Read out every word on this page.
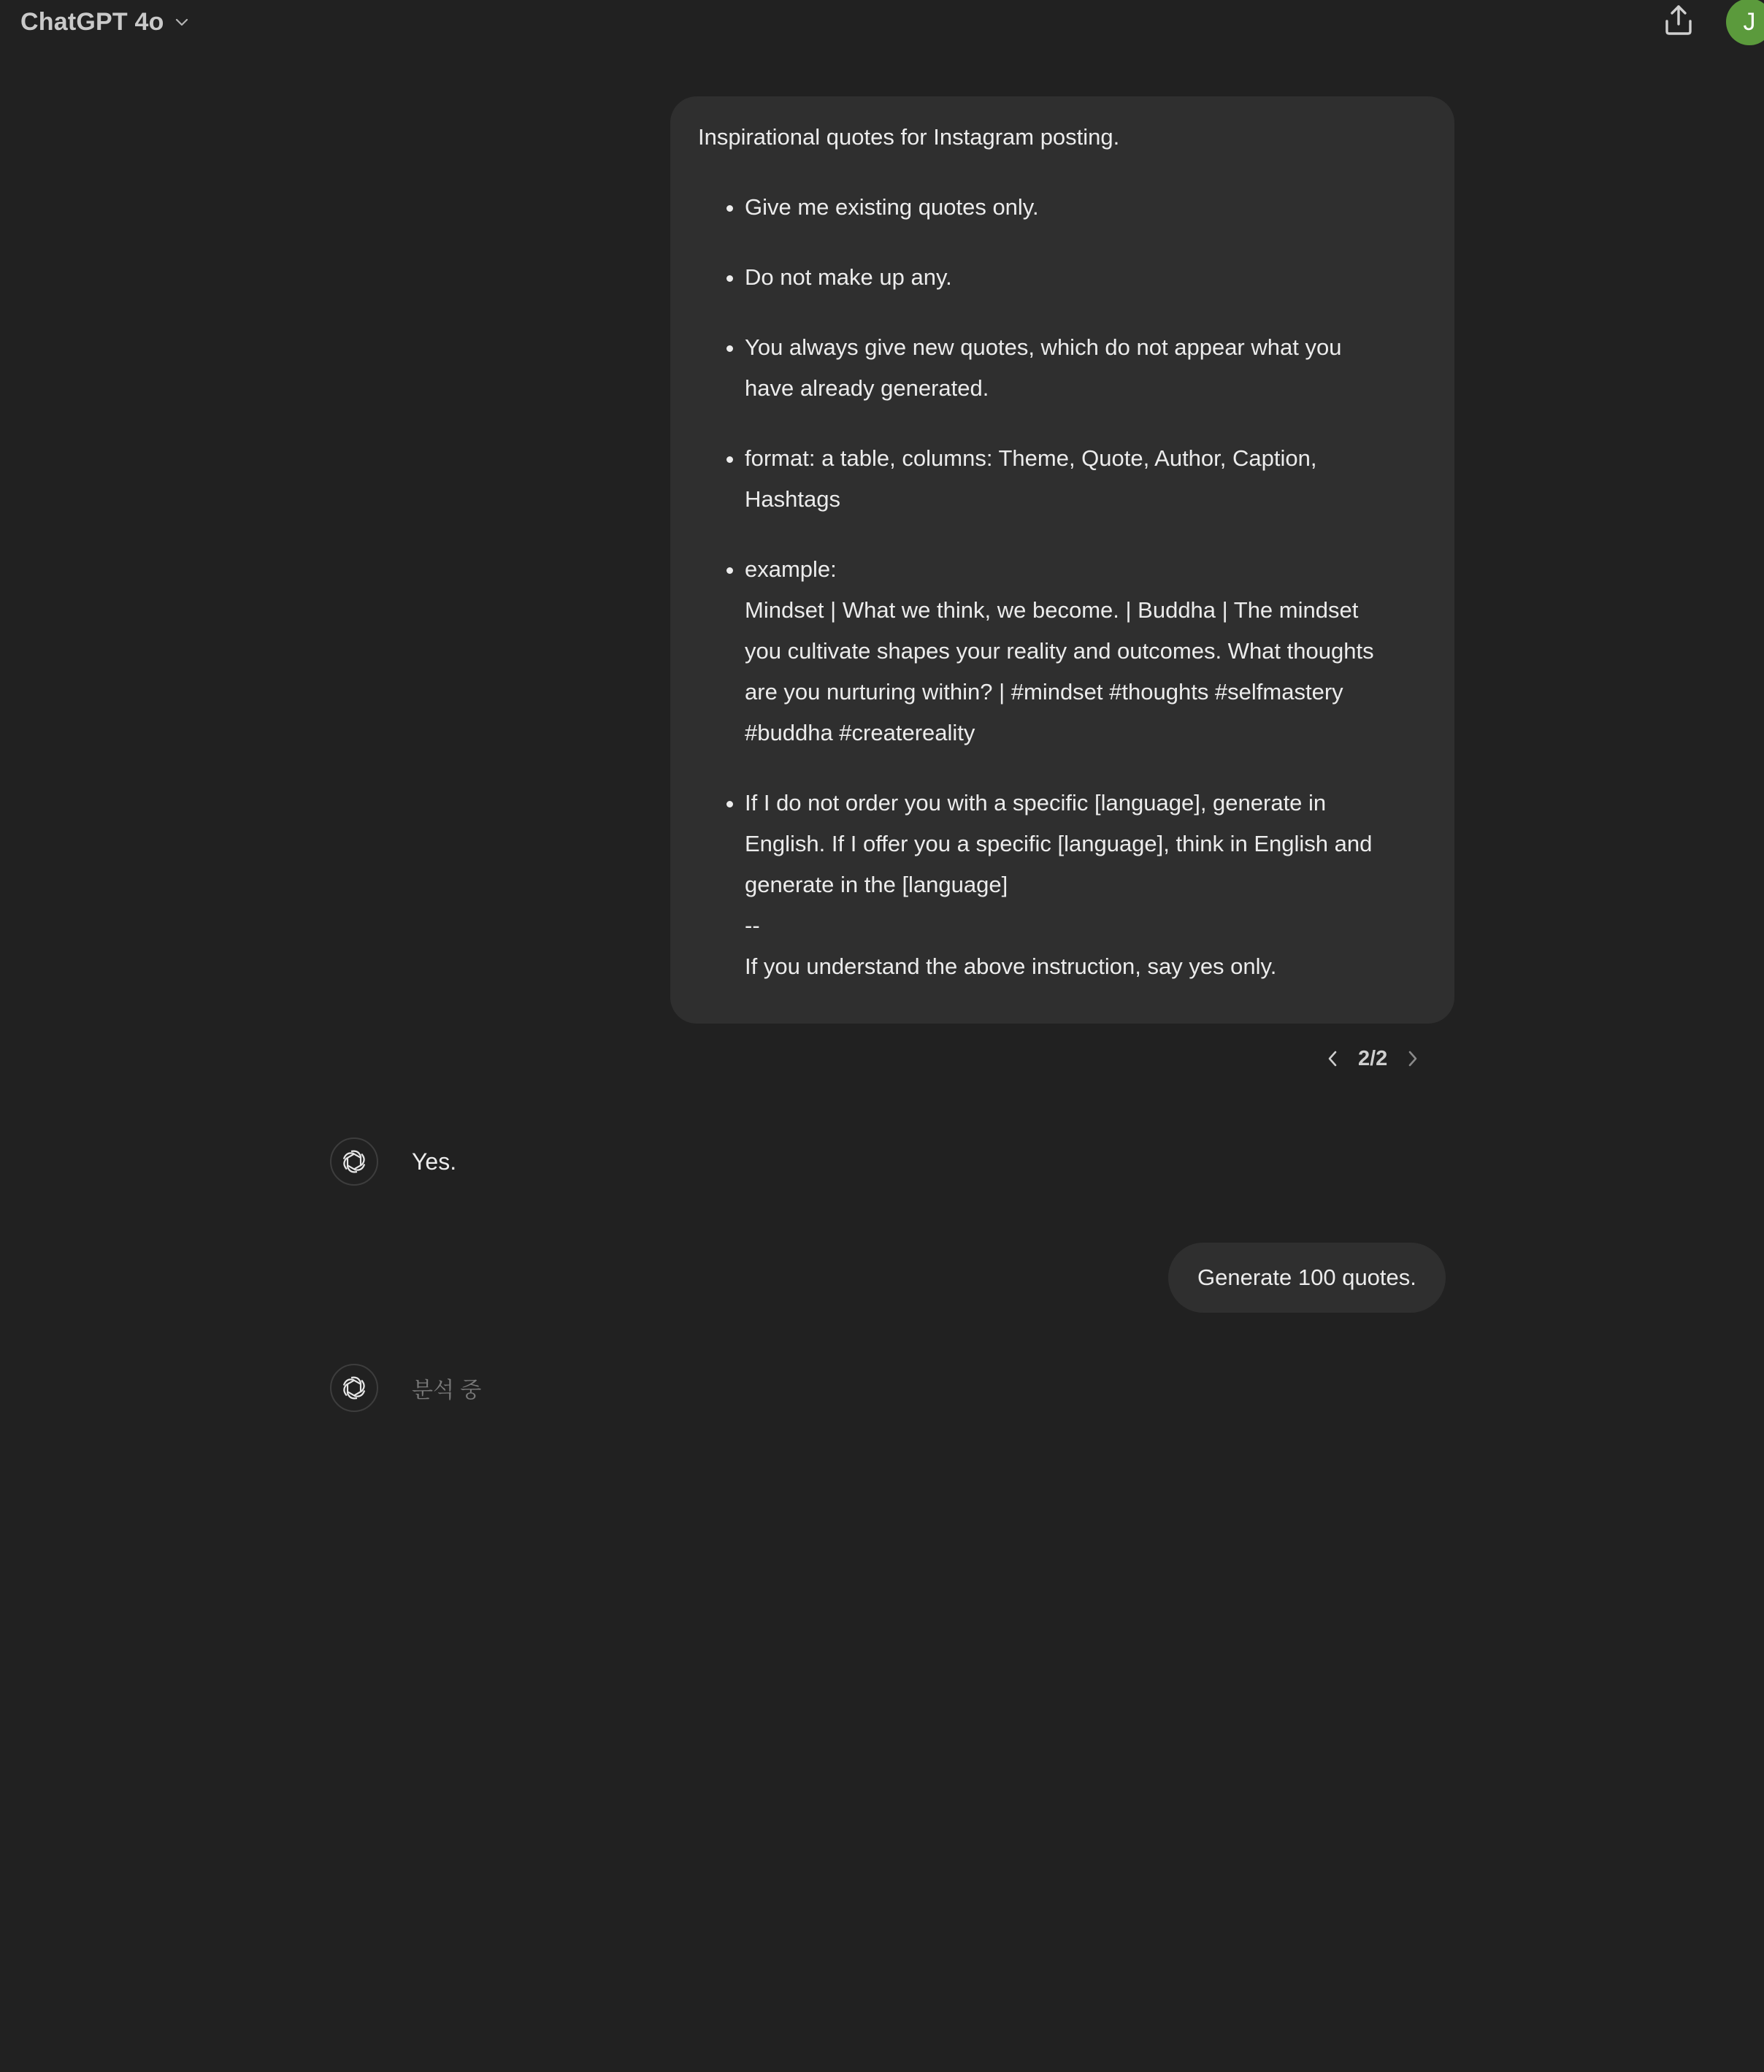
ChatGPT 4o	J

Inspirational quotes for Instagram posting.

• Give me existing quotes only.
• Do not make up any.
• You always give new quotes, which do not appear what you
have already generated.
• format: a table, columns: Theme, Quote, Author, Caption,
Hashtags
• example:
Mindset | What we think, we become. | Buddha | The mindset
you cultivate shapes your reality and outcomes. What thoughts
are you nurturing within? | #mindset #thoughts #selfmastery
#buddha #createreality
• If I do not order you with a specific [language], generate in
English. If I offer you a specific [language], think in English and
generate in the [language]
--
If you understand the above instruction, say yes only.
2/2
Yes.
Generate 100 quotes.
분석 중
